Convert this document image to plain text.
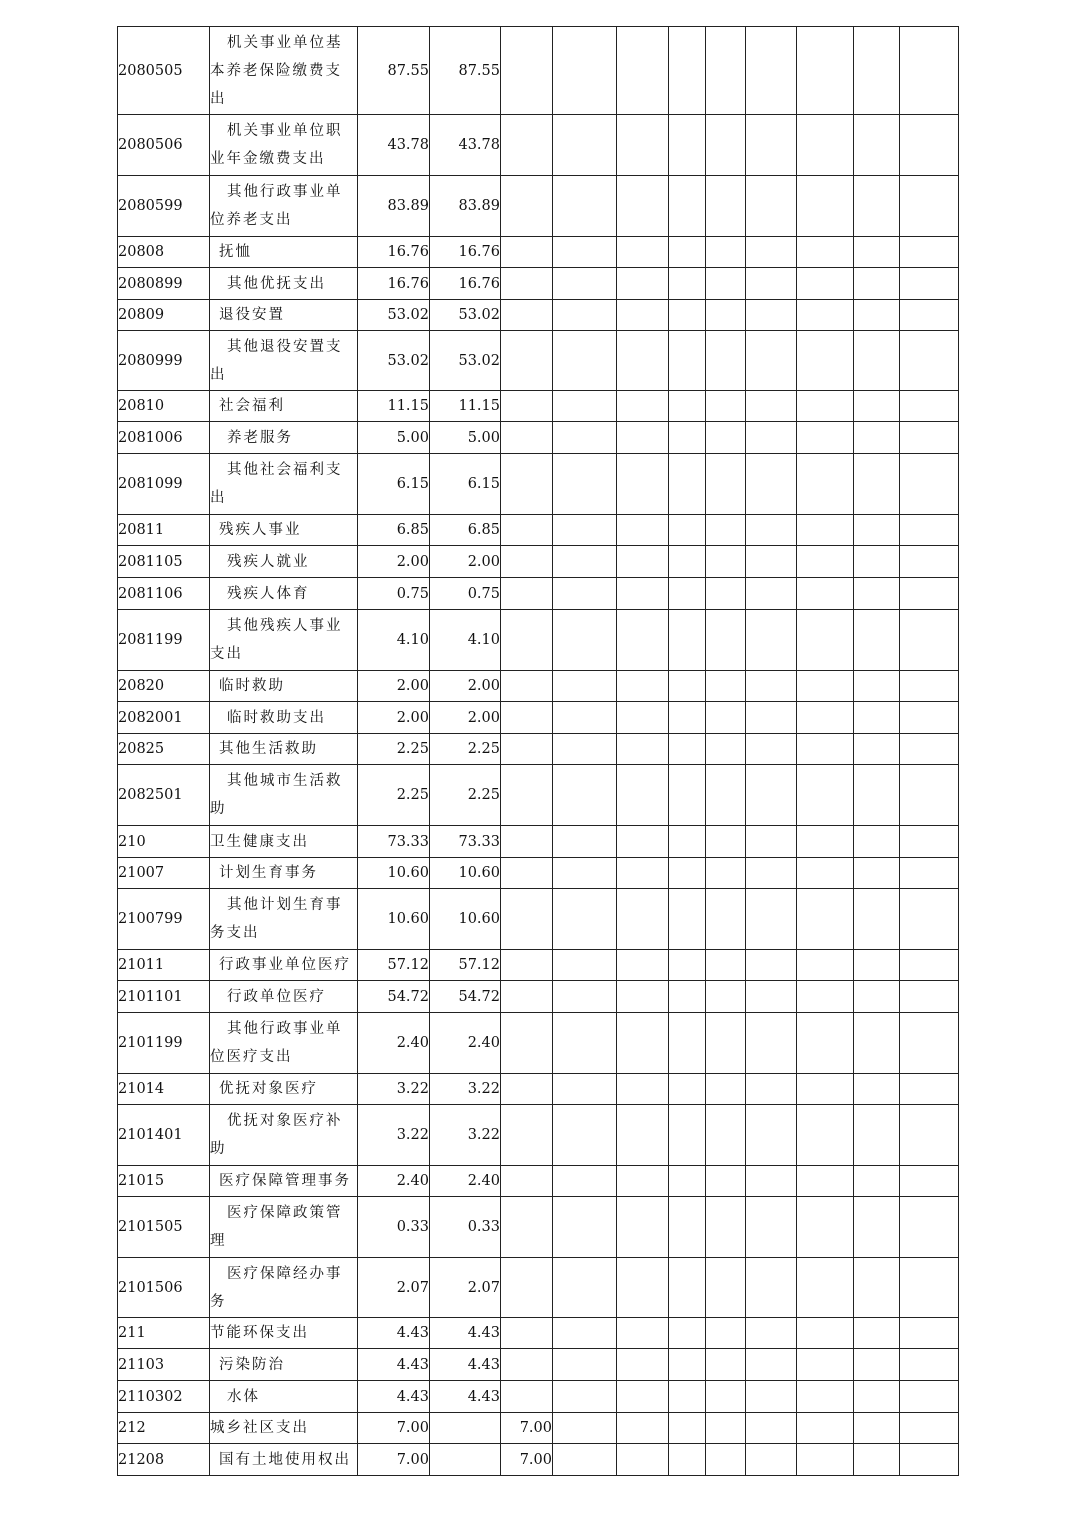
2080505	机关事业单位基本养老保险缴费支出	87.55	87.55									
2080506	机关事业单位职业年金缴费支出	43.78	43.78									
2080599	其他行政事业单位养老支出	83.89	83.89									
20808	抚恤	16.76	16.76									
2080899	其他优抚支出	16.76	16.76									
20809	退役安置	53.02	53.02									
2080999	其他退役安置支出	53.02	53.02									
20810	社会福利	11.15	11.15									
2081006	养老服务	5.00	5.00									
2081099	其他社会福利支出	6.15	6.15									
20811	残疾人事业	6.85	6.85									
2081105	残疾人就业	2.00	2.00									
2081106	残疾人体育	0.75	0.75									
2081199	其他残疾人事业支出	4.10	4.10									
20820	临时救助	2.00	2.00									
2082001	临时救助支出	2.00	2.00									
20825	其他生活救助	2.25	2.25									
2082501	其他城市生活救助	2.25	2.25									
210	卫生健康支出	73.33	73.33									
21007	计划生育事务	10.60	10.60									
2100799	其他计划生育事务支出	10.60	10.60									
21011	行政事业单位医疗	57.12	57.12									
2101101	行政单位医疗	54.72	54.72									
2101199	其他行政事业单位医疗支出	2.40	2.40									
21014	优抚对象医疗	3.22	3.22									
2101401	优抚对象医疗补助	3.22	3.22									
21015	医疗保障管理事务	2.40	2.40									
2101505	医疗保障政策管理	0.33	0.33									
2101506	医疗保障经办事务	2.07	2.07									
211	节能环保支出	4.43	4.43									
21103	污染防治	4.43	4.43									
2110302	水体	4.43	4.43									
212	城乡社区支出	7.00		7.00								
21208	国有土地使用权出	7.00		7.00								
